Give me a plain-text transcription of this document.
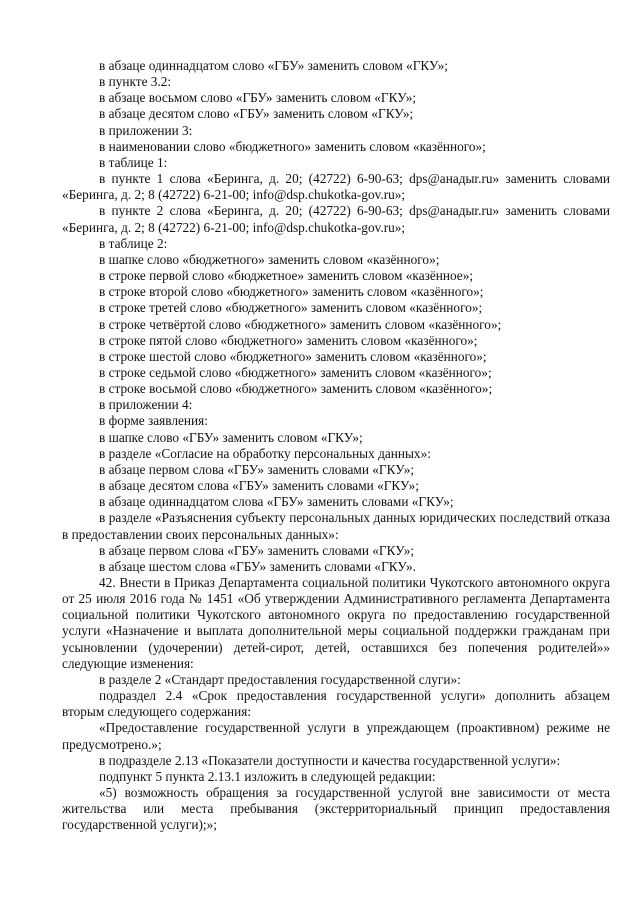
в абзаце одиннадцатом слово «ГБУ» заменить словом «ГКУ»;

в пункте 3.2:

в абзаце восьмом слово «ГБУ» заменить словом «ГКУ»;

в абзаце десятом слово «ГБУ» заменить словом «ГКУ»;

в приложении 3:

в наименовании слово «бюджетного» заменить словом «казённого»;

в таблице 1:

в пункте 1 слова «Беринга, д. 20; (42722) 6-90-63; dps@анадыr.ru» заменить словами «Беринга, д. 2; 8 (42722) 6-21-00; info@dsp.chukotka-gov.ru»;

в пункте 2 слова «Беринга, д. 20; (42722) 6-90-63; dps@анадыr.ru» заменить словами «Беринга, д. 2; 8 (42722) 6-21-00; info@dsp.chukotka-gov.ru»;

в таблице 2:

в шапке слово «бюджетного» заменить словом «казённого»;

в строке первой слово «бюджетное» заменить словом «казённое»;

в строке второй слово «бюджетного» заменить словом «казённого»;

в строке третей слово «бюджетного» заменить словом «казённого»;

в строке четвёртой слово «бюджетного» заменить словом «казённого»;

в строке пятой слово «бюджетного» заменить словом «казённого»;

в строке шестой слово «бюджетного» заменить словом «казённого»;

в строке седьмой слово «бюджетного» заменить словом «казённого»;

в строке восьмой слово «бюджетного» заменить словом «казённого»;

в приложении 4:

в форме заявления:

в шапке слово «ГБУ» заменить словом «ГКУ»;

в разделе «Согласие на обработку персональных данных»:

в абзаце первом слова «ГБУ» заменить словами «ГКУ»;

в абзаце десятом слова «ГБУ» заменить словами «ГКУ»;

в абзаце одиннадцатом слова «ГБУ» заменить словами «ГКУ»;

в разделе «Разъяснения субъекту персональных данных юридических последствий отказа в предоставлении своих персональных данных»:

в абзаце первом слова «ГБУ» заменить словами «ГКУ»;

в абзаце шестом слова «ГБУ» заменить словами «ГКУ».

42. Внести в Приказ Департамента социальной политики Чукотского автономного округа от 25 июля 2016 года № 1451 «Об утверждении Административного регламента Департамента социальной политики Чукотского автономного округа по предоставлению государственной услуги «Назначение и выплата дополнительной меры социальной поддержки гражданам при усыновлении (удочерении) детей-сирот, детей, оставшихся без попечения родителей»» следующие изменения:

в разделе 2 «Стандарт предоставления государственной слуги»:

подраздел 2.4 «Срок предоставления государственной услуги» дополнить абзацем вторым следующего содержания:

«Предоставление государственной услуги в упреждающем (проактивном) режиме не предусмотрено.»;

в подразделе 2.13 «Показатели доступности и качества государственной услуги»:

подпункт 5 пункта 2.13.1 изложить в следующей редакции:

«5) возможность обращения за государственной услугой вне зависимости от места жительства или места пребывания (экстерриториальный принцип предоставления государственной услуги);»;
